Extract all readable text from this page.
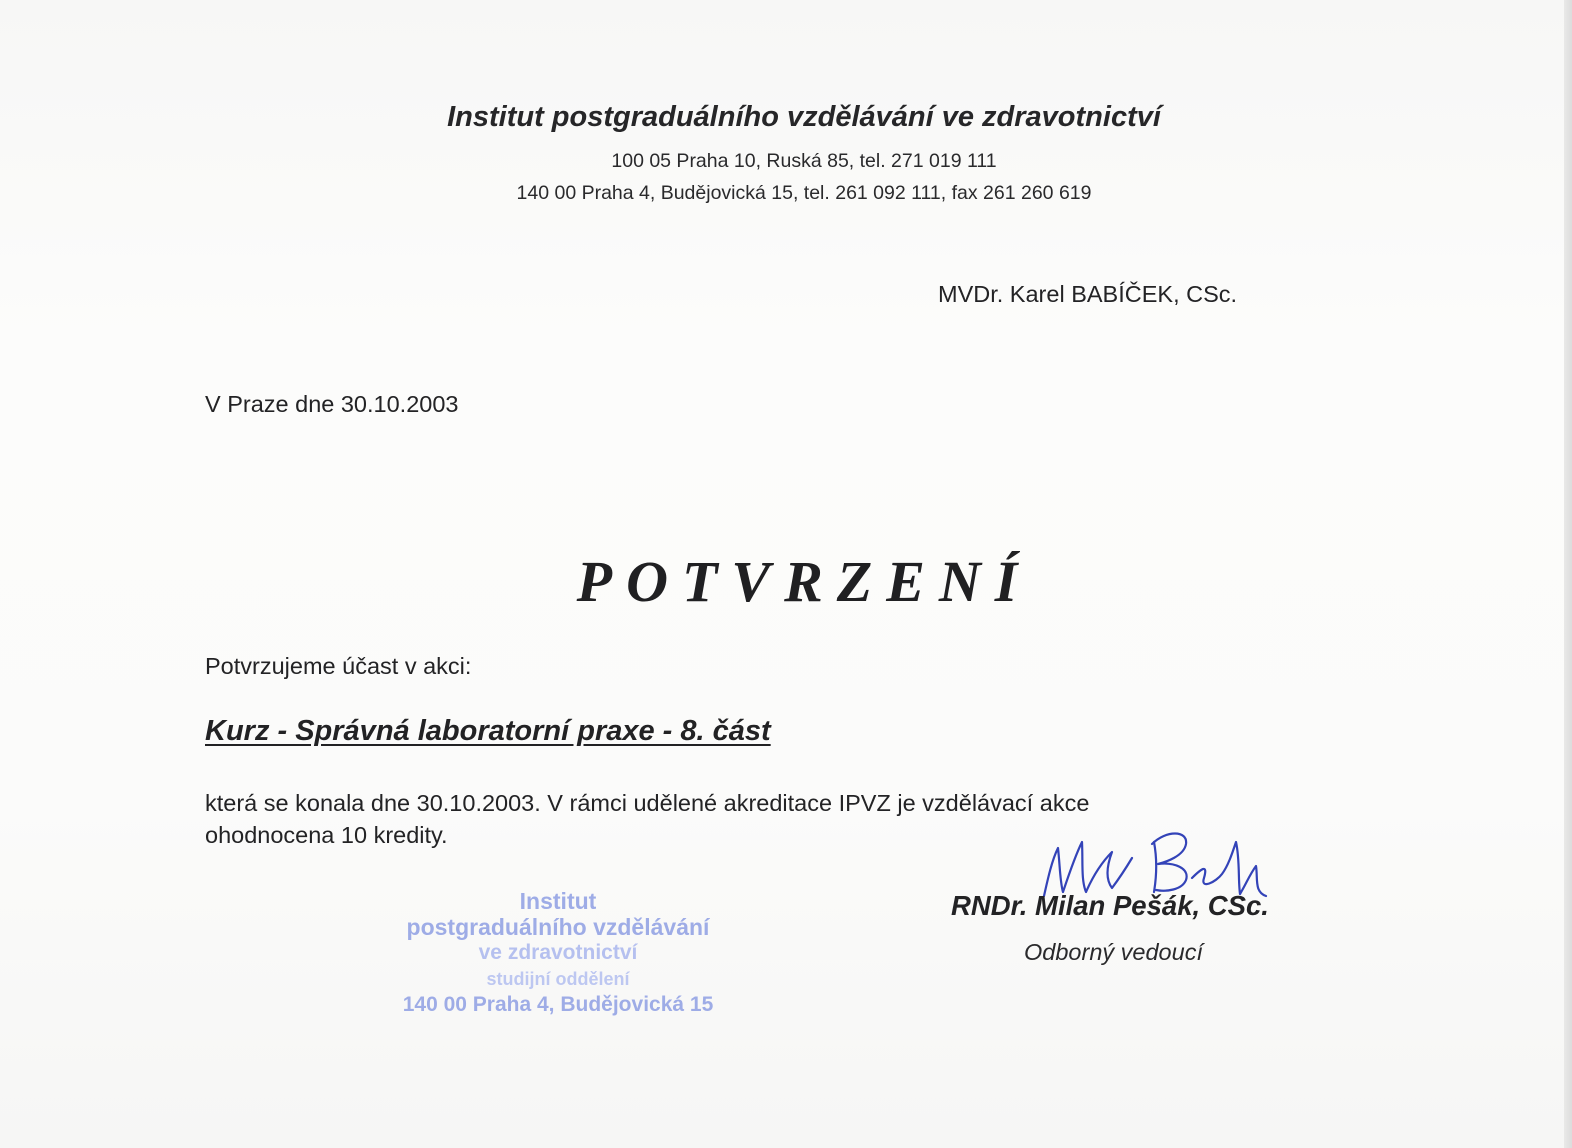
Institut postgraduálního vzdělávání ve zdravotnictví
100 05 Praha 10, Ruská 85, tel. 271 019 111
140 00 Praha 4, Budějovická 15, tel. 261 092 111, fax 261 260 619
MVDr. Karel BABÍČEK, CSc.
V Praze dne 30.10.2003
POTVRZENÍ
Potvrzujeme účast v akci:
Kurz - Správná laboratorní praxe - 8. část
která se konala dne 30.10.2003. V rámci udělené akreditace IPVZ je vzdělávací akce
ohodnocena 10 kredity.
Institut
postgraduálního vzdělávání
ve zdravotnictví
studijní oddělení
140 00 Praha 4, Budějovická 15
RNDr. Milan Pešák, CSc.
Odborný vedoucí
